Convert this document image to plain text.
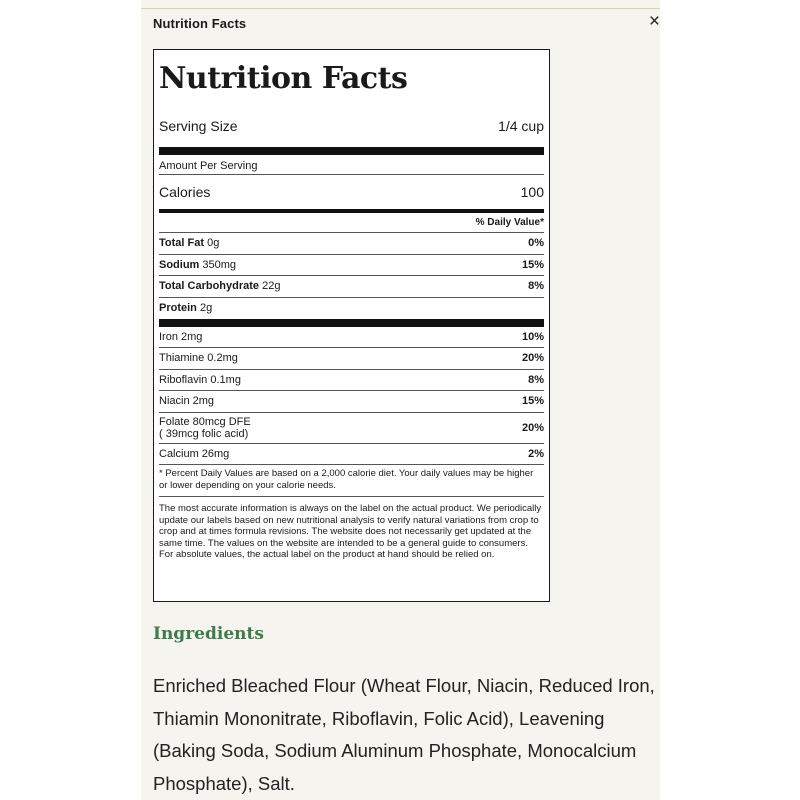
Nutrition Facts	×
Nutrition Facts
Serving Size	1/4 cup
Amount Per Serving
Calories	100
% Daily Value*
Total Fat 0g	0%
Sodium 350mg	15%
Total Carbohydrate 22g	8%
Protein 2g
Iron 2mg	10%
Thiamine 0.2mg	20%
Riboflavin 0.1mg	8%
Niacin 2mg	15%
Folate 80mcg DFE
( 39mcg folic acid)	20%
Calcium 26mg	2%
* Percent Daily Values are based on a 2,000 calorie diet. Your daily values may be higher or lower depending on your calorie needs.
The most accurate information is always on the label on the actual product. We periodically update our labels based on new nutritional analysis to verify natural variations from crop to crop and at times formula revisions. The website does not necessarily get updated at the same time. The values on the website are intended to be a general guide to consumers. For absolute values, the actual label on the product at hand should be relied on.
Ingredients
Enriched Bleached Flour (Wheat Flour, Niacin, Reduced Iron, Thiamin Mononitrate, Riboflavin, Folic Acid), Leavening (Baking Soda, Sodium Aluminum Phosphate, Monocalcium Phosphate), Salt.
